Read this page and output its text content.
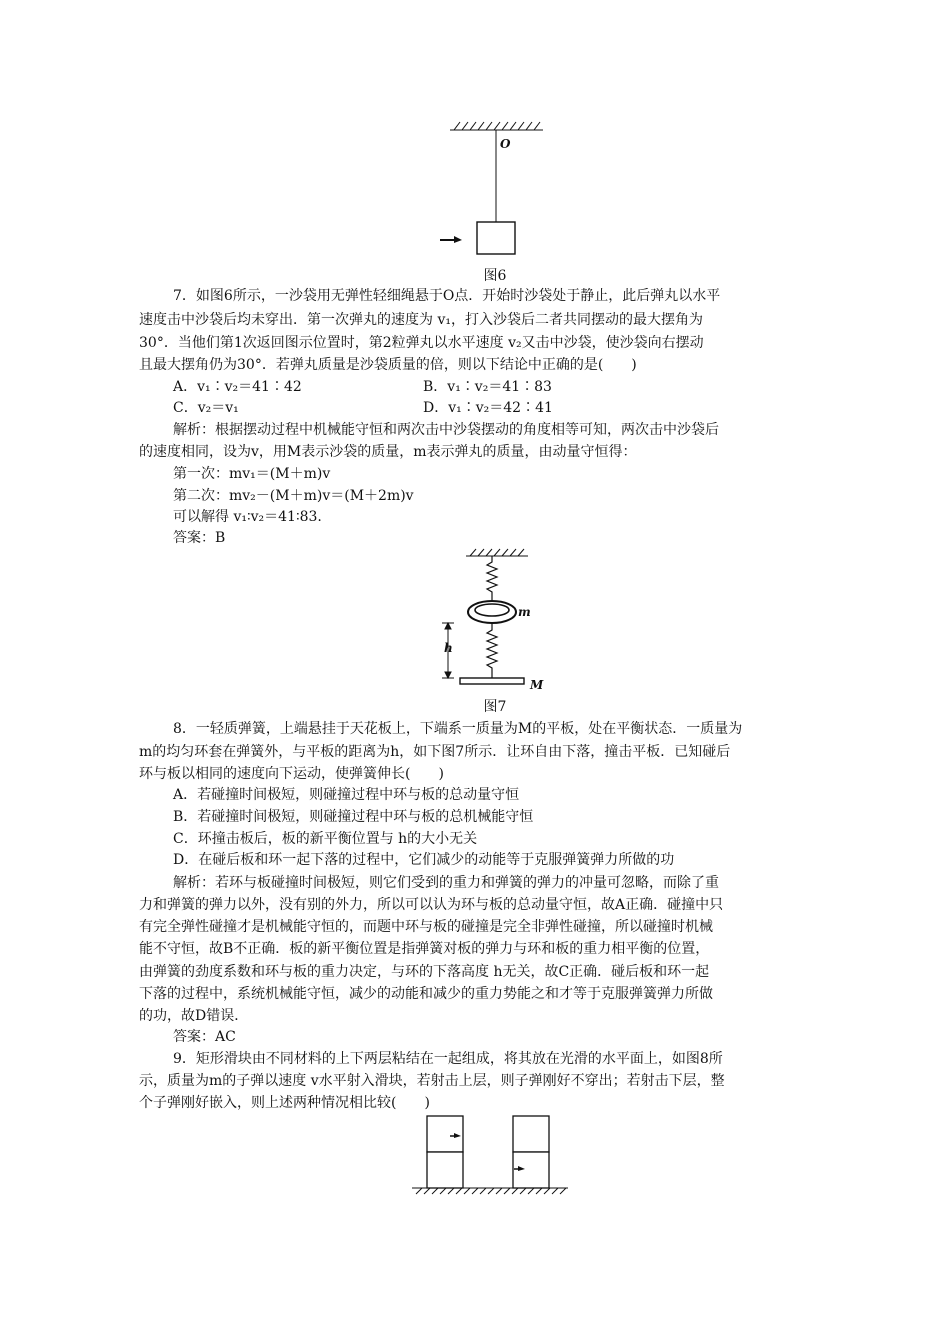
O
图6
7．如图6所示，一沙袋用无弹性轻细绳悬于O点．开始时沙袋处于静止，此后弹丸以水平
速度击中沙袋后均未穿出．第一次弹丸的速度为 v₁，打入沙袋后二者共同摆动的最大摆角为
30°．当他们第1次返回图示位置时，第2粒弹丸以水平速度 v₂又击中沙袋，使沙袋向右摆动
且最大摆角仍为30°．若弹丸质量是沙袋质量的倍，则以下结论中正确的是(　　)
A．v₁∶v₂＝41∶42	B．v₁∶v₂＝41∶83
C．v₂＝v₁	D．v₁∶v₂＝42∶41
解析：根据摆动过程中机械能守恒和两次击中沙袋摆动的角度相等可知，两次击中沙袋后
的速度相同，设为v，用M表示沙袋的质量，m表示弹丸的质量，由动量守恒得：
第一次：mv₁＝(M＋m)v
第二次：mv₂－(M＋m)v＝(M＋2m)v
可以解得 v₁∶v₂＝41∶83.
答案：B
m
h
M
图7
8．一轻质弹簧，上端悬挂于天花板上，下端系一质量为M的平板，处在平衡状态．一质量为
m的均匀环套在弹簧外，与平板的距离为h，如下图7所示．让环自由下落，撞击平板．已知碰后
环与板以相同的速度向下运动，使弹簧伸长(　　)
A．若碰撞时间极短，则碰撞过程中环与板的总动量守恒
B．若碰撞时间极短，则碰撞过程中环与板的总机械能守恒
C．环撞击板后，板的新平衡位置与 h的大小无关
D．在碰后板和环一起下落的过程中，它们减少的动能等于克服弹簧弹力所做的功
解析：若环与板碰撞时间极短，则它们受到的重力和弹簧的弹力的冲量可忽略，而除了重
力和弹簧的弹力以外，没有别的外力，所以可以认为环与板的总动量守恒，故A正确．碰撞中只
有完全弹性碰撞才是机械能守恒的，而题中环与板的碰撞是完全非弹性碰撞，所以碰撞时机械
能不守恒，故B不正确．板的新平衡位置是指弹簧对板的弹力与环和板的重力相平衡的位置，
由弹簧的劲度系数和环与板的重力决定，与环的下落高度 h无关，故C正确．碰后板和环一起
下落的过程中，系统机械能守恒，减少的动能和减少的重力势能之和才等于克服弹簧弹力所做
的功，故D错误．
答案：AC
9．矩形滑块由不同材料的上下两层粘结在一起组成，将其放在光滑的水平面上，如图8所
示，质量为m的子弹以速度 v水平射入滑块，若射击上层，则子弹刚好不穿出；若射击下层，整
个子弹刚好嵌入，则上述两种情况相比较(　　)
